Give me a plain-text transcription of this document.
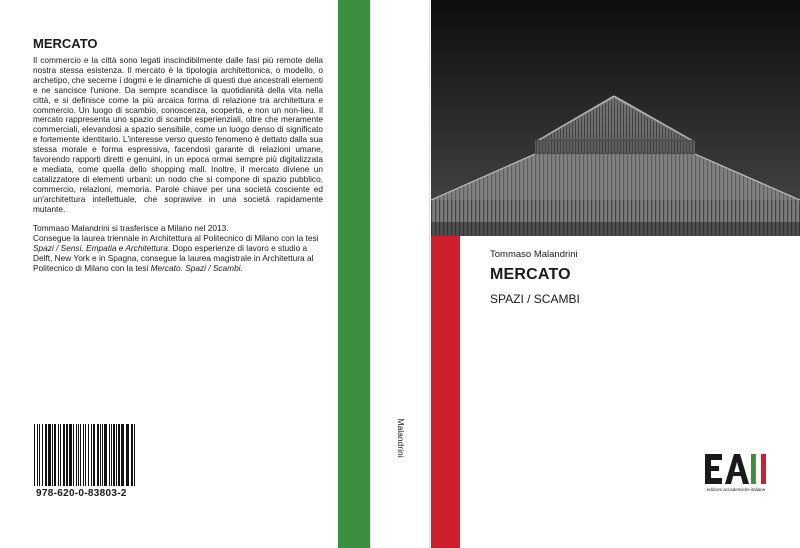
MERCATO

Il commercio e la città sono legati inscindibilmente dalle fasi più remote della nostra stessa esistenza. Il mercato è la tipologia architettonica, o modello, o archetipo, che secerne i dogmi e le dinamiche di questi due ancestrali elementi e ne sancisce l'unione. Da sempre scandisce la quotidianità della vita nella città, e si definisce come la più arcaica forma di relazione tra architettura e commercio. Un luogo di scambio, conoscenza, scoperta, e non un non-lieu. Il mercato rappresenta uno spazio di scambi esperienziali, oltre che meramente commerciali, elevandosi a spazio sensibile, come un luogo denso di significato e fortemente identitario. L'interesse verso questo fenomeno è dettato dalla sua stessa morale e forma espressiva, facendosi garante di relazioni umane, favorendo rapporti diretti e genuini, in un epoca ormai sempre più digitalizzata e mediata, come quella dello shopping mall. Inoltre, il mercato diviene un catalizzatore di elementi urbani: un nodo che si compone di spazio pubblico, commercio, relazioni, memoria. Parole chiave per una società cosciente ed un'architettura intellettuale, che soprawive in una società rapidamente mutante.

Tommaso Malandrini si trasferisce a Milano nel 2013.
Consegue la laurea triennale in Architettura al Politecnico di Milano con la tesi Spazi / Sensi. Empatia e Architettura. Dopo esperienze di lavoro e studio a Delft, New York e in Spagna, consegue la laurea magistrale in Architettura al Politecnico di Milano con la tesi Mercato. Spazi / Scambi.

978-620-0-83803-2
Malandrini
Tommaso Malandrini
MERCATO
SPAZI / SCAMBI
edizioni accademiche italiane
